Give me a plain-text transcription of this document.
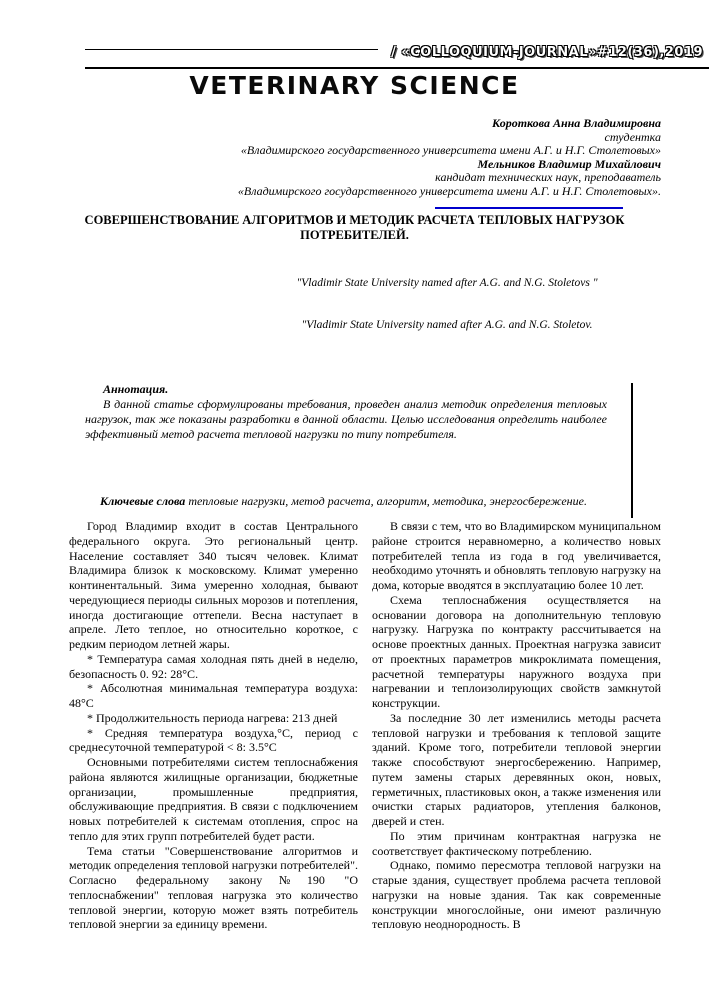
/ «COLLOQUIUM-JOURNAL»#12(36),2019
VETERINARY SCIENCE
Короткова Анна Владимировна
студентка
«Владимирского государственного университета имени А.Г. и Н.Г. Столетовых»
Мельников Владимир Михайлович
кандидат технических наук, преподаватель
«Владимирского государственного университета имени А.Г. и Н.Г. Столетовых».
СОВЕРШЕНСТВОВАНИЕ АЛГОРИТМОВ И МЕТОДИК РАСЧЕТА ТЕПЛОВЫХ НАГРУЗОК
ПОТРЕБИТЕЛЕЙ.
"Vladimir State University named after A.G. and N.G. Stoletovs "
"Vladimir State University named after A.G. and N.G. Stoletov.
Аннотация.

В данной статье сформулированы требования, проведен анализ методик определения тепловых нагрузок, так же показаны разработки в данной области. Целью исследования определить наиболее эффективный метод расчета тепловой нагрузки по типу потребителя.

Ключевые слова тепловые нагрузки, метод расчета, алгоритм, методика, энергосбережение.

Город Владимир входит в состав Центрального федерального округа. Это региональный центр. Население составляет 340 тысяч человек. Климат Владимира близок к московскому. Климат умеренно континентальный. Зима умеренно холодная, бывают чередующиеся периоды сильных морозов и потепления, иногда достигающие оттепели. Весна наступает в апреле. Лето теплое, но относительно короткое, с редким периодом летней жары.

* Температура самая холодная пять дней в неделю, безопасность 0. 92: 28°С.

* Абсолютная минимальная температура воздуха: 48°С

* Продолжительность периода нагрева: 213 дней

* Средняя температура воздуха,°С, период с среднесуточной температурой < 8: 3.5°С

Основными потребителями систем теплоснабжения района являются жилищные организации, бюджетные организации, промышленные предприятия, обслуживающие предприятия. В связи с подключением новых потребителей к системам отопления, спрос на тепло для этих групп потребителей будет расти.

Тема статьи "Совершенствование алгоритмов и методик определения тепловой нагрузки потребителей". Согласно федеральному закону№190 "О теплоснабжении" тепловая нагрузка это количество тепловой энергии, которую может взять потребитель тепловой энергии за единицу времени.

В связи с тем, что во Владимирском муниципальном районе строится неравномерно, а количество новых потребителей тепла из года в год увеличивается, необходимо уточнять и обновлять тепловую нагрузку на дома, которые вводятся в эксплуатацию более 10 лет.

Схема теплоснабжения осуществляется на основании договора на дополнительную тепловую нагрузку. Нагрузка по контракту рассчитывается на основе проектных данных. Проектная нагрузка зависит от проектных параметров микроклимата помещения, расчетной температуры наружного воздуха при нагревании и теплоизолирующих свойств замкнутой конструкции.

За последние 30 лет изменились методы расчета тепловой нагрузки и требования к тепловой защите зданий. Кроме того, потребители тепловой энергии также способствуют энергосбережению. Например, путем замены старых деревянных окон, новых, герметичных, пластиковых окон, а также изменения или очистки старых радиаторов, утепления балконов, дверей и стен.

По этим причинам контрактная нагрузка не соответствует фактическому потреблению.

Однако, помимо пересмотра тепловой нагрузки на старые здания, существует проблема расчета тепловой нагрузки на новые здания. Так как современные конструкции многослойные, они имеют различную тепловую неоднородность. В
